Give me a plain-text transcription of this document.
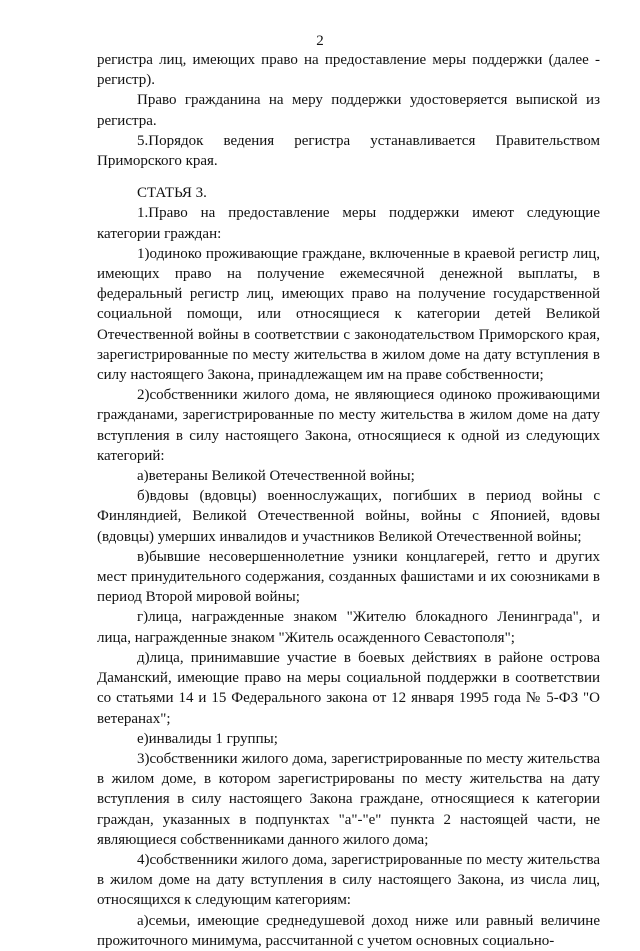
2

регистра лиц, имеющих право на предоставление меры поддержки (далее - регистр).

Право гражданина на меру поддержки удостоверяется выпиской из регистра.

5.Порядок ведения регистра устанавливается Правительством Приморского края.

СТАТЬЯ 3.

1.Право на предоставление меры поддержки имеют следующие категории граждан:

1)одиноко проживающие граждане, включенные в краевой регистр лиц, имеющих право на получение ежемесячной денежной выплаты, в федеральный регистр лиц, имеющих право на получение государственной социальной помощи, или относящиеся к категории детей Великой Отечественной войны в соответствии с законодательством Приморского края, зарегистрированные по месту жительства в жилом доме на дату вступления в силу настоящего Закона, принадлежащем им на праве собственности;

2)собственники жилого дома, не являющиеся одиноко проживающими гражданами, зарегистрированные по месту жительства в жилом доме на дату вступления в силу настоящего Закона, относящиеся к одной из следующих категорий:

а)ветераны Великой Отечественной войны;

б)вдовы (вдовцы) военнослужащих, погибших в период войны с Финляндией, Великой Отечественной войны, войны с Японией, вдовы (вдовцы) умерших инвалидов и участников Великой Отечественной войны;

в)бывшие несовершеннолетние узники концлагерей, гетто и других мест принудительного содержания, созданных фашистами и их союзниками в период Второй мировой войны;

г)лица, награжденные знаком "Жителю блокадного Ленинграда", и лица, награжденные знаком "Житель осажденного Севастополя";

д)лица, принимавшие участие в боевых действиях в районе острова Даманский, имеющие право на меры социальной поддержки в соответствии со статьями 14 и 15 Федерального закона от 12 января 1995 года № 5-ФЗ "О ветеранах";

е)инвалиды 1 группы;

3)собственники жилого дома, зарегистрированные по месту жительства в жилом доме, в котором зарегистрированы по месту жительства на дату вступления в силу настоящего Закона граждане, относящиеся к категории граждан, указанных в подпунктах "а"-"е" пункта 2 настоящей части, не являющиеся собственниками данного жилого дома;

4)собственники жилого дома, зарегистрированные по месту жительства в жилом доме на дату вступления в силу настоящего Закона, из числа лиц, относящихся к следующим категориям:

а)семьи, имеющие среднедушевой доход ниже или равный величине прожиточного минимума, рассчитанной с учетом основных социально-
